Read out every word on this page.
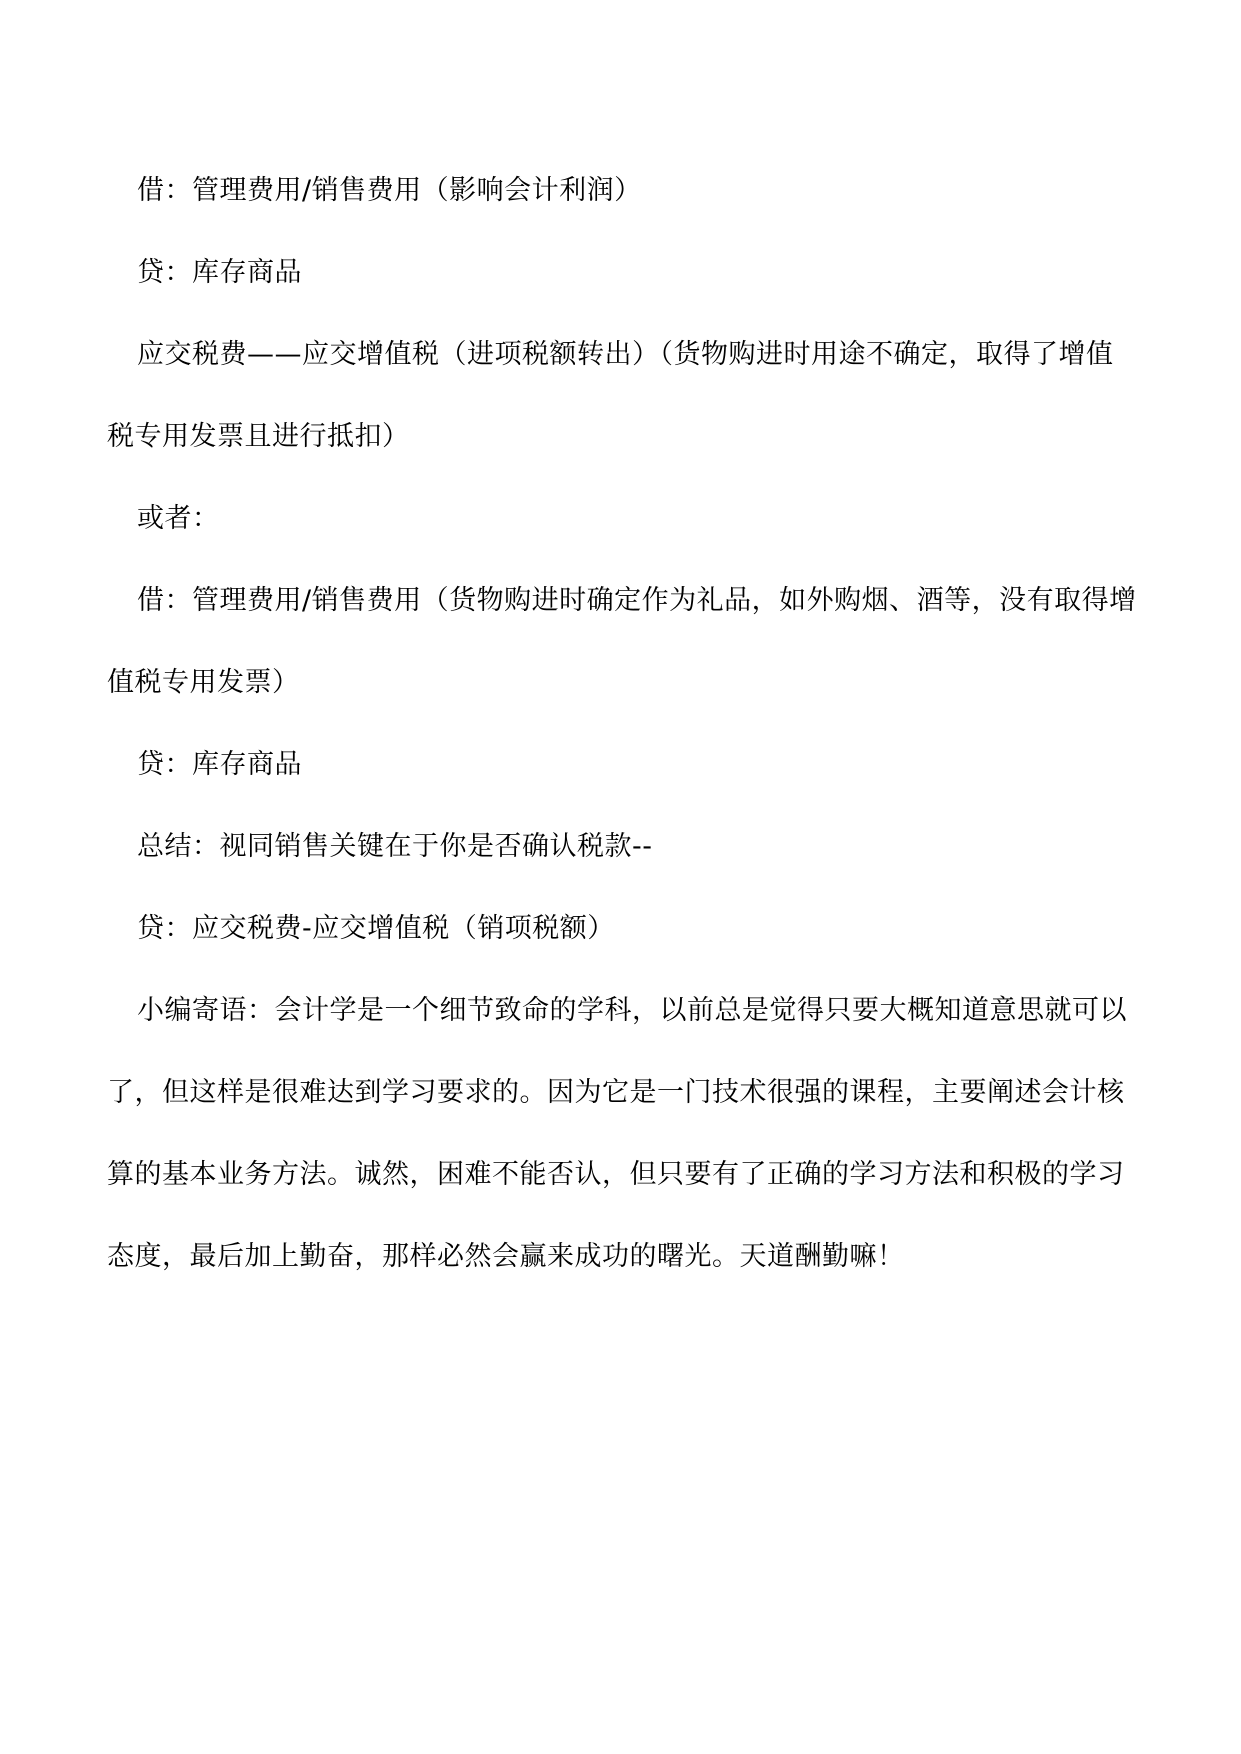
借：管理费用/销售费用（影响会计利润）

贷：库存商品

应交税费——应交增值税（进项税额转出）（货物购进时用途不确定，取得了增值税专用发票且进行抵扣）

或者：

借：管理费用/销售费用（货物购进时确定作为礼品，如外购烟、酒等，没有取得增值税专用发票）

贷：库存商品

总结：视同销售关键在于你是否确认税款--

贷：应交税费-应交增值税（销项税额）

小编寄语：会计学是一个细节致命的学科，以前总是觉得只要大概知道意思就可以了，但这样是很难达到学习要求的。因为它是一门技术很强的课程，主要阐述会计核算的基本业务方法。诚然，困难不能否认，但只要有了正确的学习方法和积极的学习态度，最后加上勤奋，那样必然会赢来成功的曙光。天道酬勤嘛！
